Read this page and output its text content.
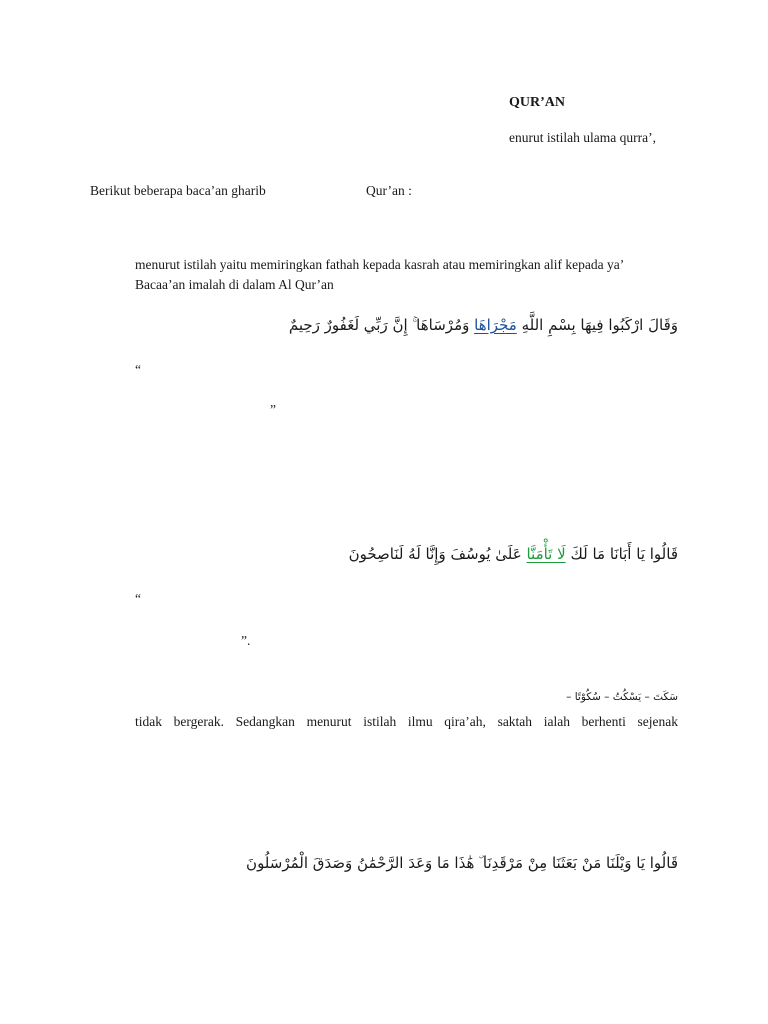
QUR’AN
enurut istilah ulama qurra’,
Berikut beberapa baca’an gharib	Qur’an :
menurut istilah yaitu memiringkan fathah kepada kasrah atau memiringkan alif kepada ya’
Bacaa’an imalah di dalam Al Qur’an
وَقَالَ ارْكَبُوا فِيهَا بِسْمِ اللَّهِ مَجْرَاهَا وَمُرْسَاهَا ۚ إِنَّ رَبِّي لَغَفُورٌ رَحِيمٌ
“
”
قَالُوا يَا أَبَانَا مَا لَكَ لَا تَأْمَنَّا عَلَىٰ يُوسُفَ وَإِنَّا لَهُ لَنَاصِحُونَ
“
”.
سَكَتَ – يَسْكُتُ – سُكُوْتًا –
tidak bergerak. Sedangkan menurut istilah ilmu qira’ah, saktah ialah berhenti sejenak
قَالُوا يَا وَيْلَنَا مَنْ بَعَثَنَا مِنْ مَرْقَدِنَا ۜ هَٰذَا مَا وَعَدَ الرَّحْمَٰنُ وَصَدَقَ الْمُرْسَلُونَ
